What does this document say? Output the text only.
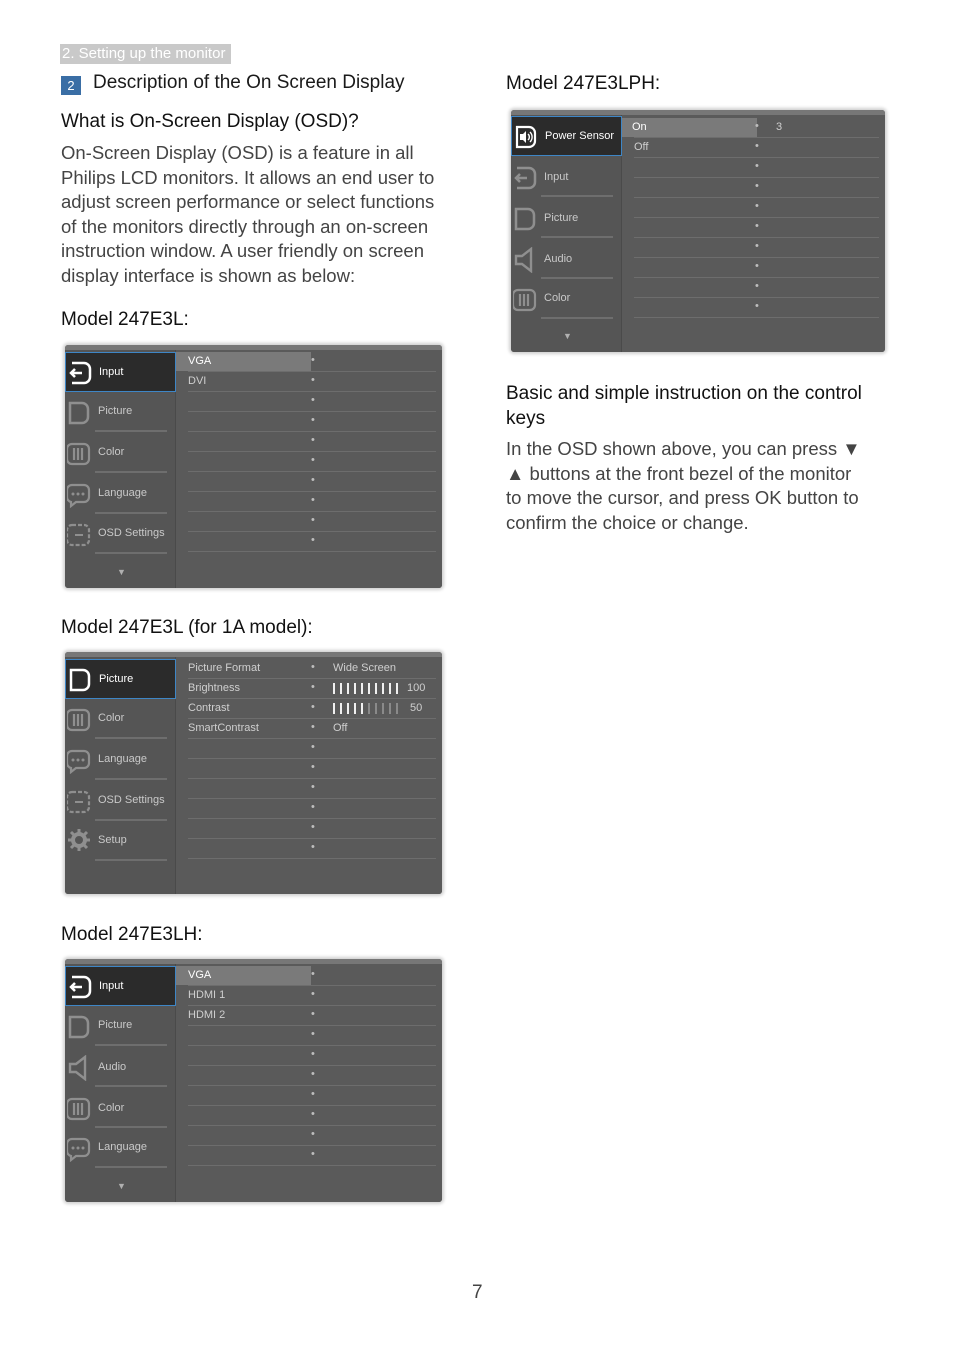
2. Setting up the monitor
2 Description of the On Screen Display
What is On-Screen Display (OSD)?
On-Screen Display (OSD) is a feature in all
Philips LCD monitors. It allows an end user to
adjust screen performance or select functions
of the monitors directly through an on-screen
instruction window. A user friendly on screen
display interface is shown as below:
Model 247E3L:
Input
Picture
Color
Language
OSD Settings
▼
VGA	•
DVI	•
•
•
•
•
•
•
•
•
Model 247E3L (for 1A model):
Picture
Color
Language
OSD Settings
Setup
Picture Format	• Wide Screen
Brightness	•	100
Contrast	•	50
SmartContrast	• Off
•
•
•
•
•
•
Model 247E3LH:
Input
Picture
Audio
Color
Language
▼
VGA	•
HDMI 1	•
HDMI 2	•
•
•
•
•
•
•
•
Model 247E3LPH:
Power Sensor
Input
Picture
Audio
Color
▼
On	• 3
Off	•
•
•
•
•
•
•
•
•
Basic and simple instruction on the control
keys
In the OSD shown above, you can press ▼
▲ buttons at the front bezel of the monitor
to move the cursor, and press OK button to
confirm the choice or change.
7
